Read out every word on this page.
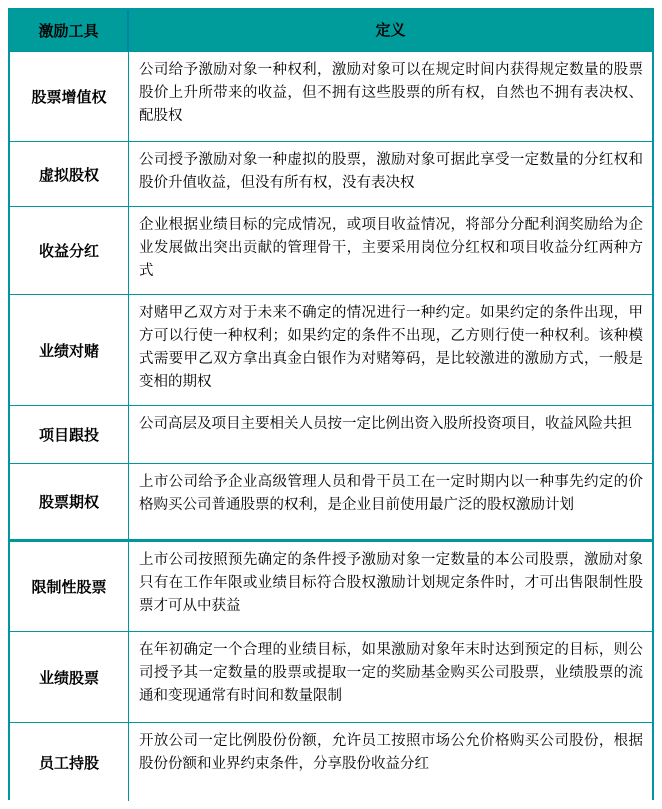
激励工具	定义
股票增值权
公司给予激励对象一种权利，激励对象可以在规定时间内获得规定数量的股票股价上升所带来的收益，但不拥有这些股票的所有权，自然也不拥有表决权、配股权
虚拟股权
公司授予激励对象一种虚拟的股票，激励对象可据此享受一定数量的分红权和股价升值收益，但没有所有权，没有表决权
收益分红
企业根据业绩目标的完成情况，或项目收益情况，将部分分配利润奖励给为企业发展做出突出贡献的管理骨干，主要采用岗位分红权和项目收益分红两种方式
业绩对赌
对赌甲乙双方对于未来不确定的情况进行一种约定。如果约定的条件出现，甲方可以行使一种权利；如果约定的条件不出现，乙方则行使一种权利。该种模式需要甲乙双方拿出真金白银作为对赌筹码，是比较激进的激励方式，一般是变相的期权
项目跟投
公司高层及项目主要相关人员按一定比例出资入股所投资项目，收益风险共担
股票期权
上市公司给予企业高级管理人员和骨干员工在一定时期内以一种事先约定的价格购买公司普通股票的权利，是企业目前使用最广泛的股权激励计划
限制性股票
上市公司按照预先确定的条件授予激励对象一定数量的本公司股票，激励对象只有在工作年限或业绩目标符合股权激励计划规定条件时，才可出售限制性股票才可从中获益
业绩股票
在年初确定一个合理的业绩目标，如果激励对象年末时达到预定的目标，则公司授予其一定数量的股票或提取一定的奖励基金购买公司股票，业绩股票的流通和变现通常有时间和数量限制
员工持股
开放公司一定比例股份份额，允许员工按照市场公允价格购买公司股份，根据股份份额和业界约束条件，分享股份收益分红
